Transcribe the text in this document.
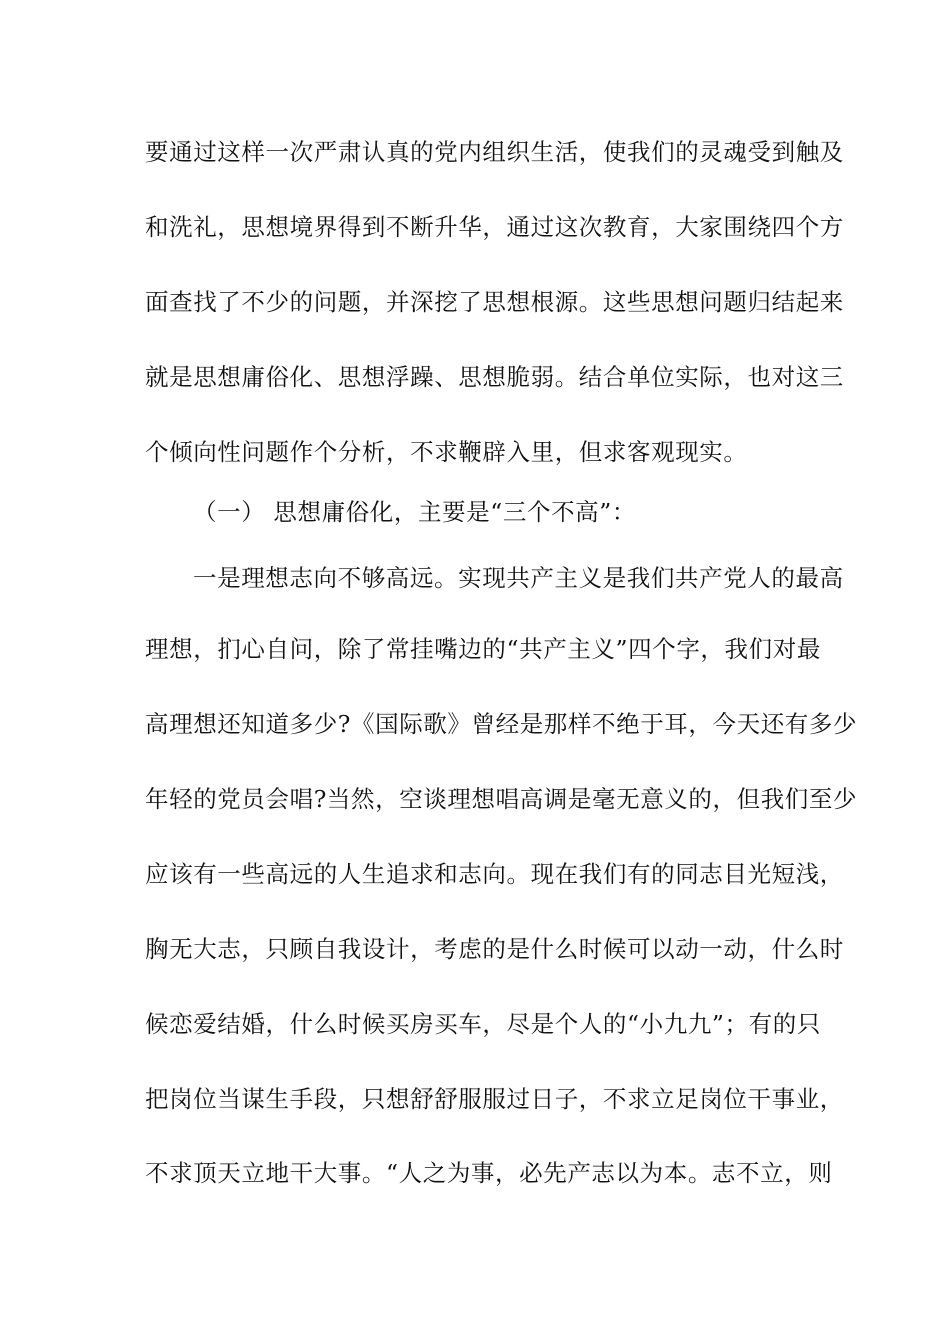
要通过这样一次严肃认真的党内组织生活，使我们的灵魂受到触及
和洗礼，思想境界得到不断升华，通过这次教育，大家围绕四个方
面查找了不少的问题，并深挖了思想根源。这些思想问题归结起来
就是思想庸俗化、思想浮躁、思想脆弱。结合单位实际，也对这三
个倾向性问题作个分析，不求鞭辟入里，但求客观现实。
（一） 思想庸俗化，主要是“三个不高”：
一是理想志向不够高远。实现共产主义是我们共产党人的最高
理想，扪心自问，除了常挂嘴边的“共产主义”四个字，我们对最
高理想还知道多少?《国际歌》曾经是那样不绝于耳，今天还有多少
年轻的党员会唱?当然，空谈理想唱高调是毫无意义的，但我们至少
应该有一些高远的人生追求和志向。现在我们有的同志目光短浅，
胸无大志，只顾自我设计，考虑的是什么时候可以动一动，什么时
候恋爱结婚，什么时候买房买车，尽是个人的“小九九”；有的只
把岗位当谋生手段，只想舒舒服服过日子，不求立足岗位干事业，
不求顶天立地干大事。“人之为事，必先产志以为本。志不立，则
